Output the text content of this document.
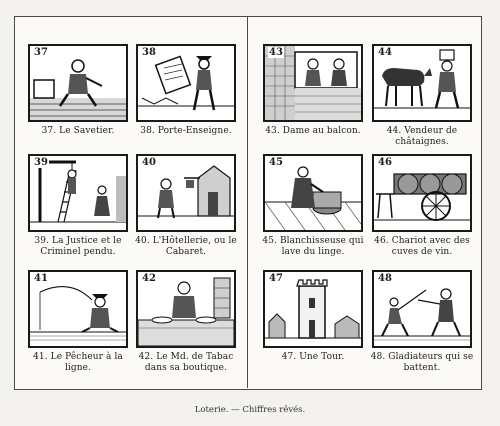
37
37. Le Savetier.
38
38. Porte-Enseigne.
43
43. Dame au balcon.
44
44. Vendeur de châtaignes.
39
39. La Justice et le Criminel pendu.
40
40. L'Hôtellerie, ou le Cabaret.
45
45. Blanchisseuse qui lave du linge.
46
46. Chariot avec des cuves de vin.
41
41. Le Pêcheur à la ligne.
42
42. Le Md. de Tabac dans sa boutique.
47
47. Une Tour.
48
48. Gladiateurs qui se battent.
Loterie. — Chiffres rêvés.
